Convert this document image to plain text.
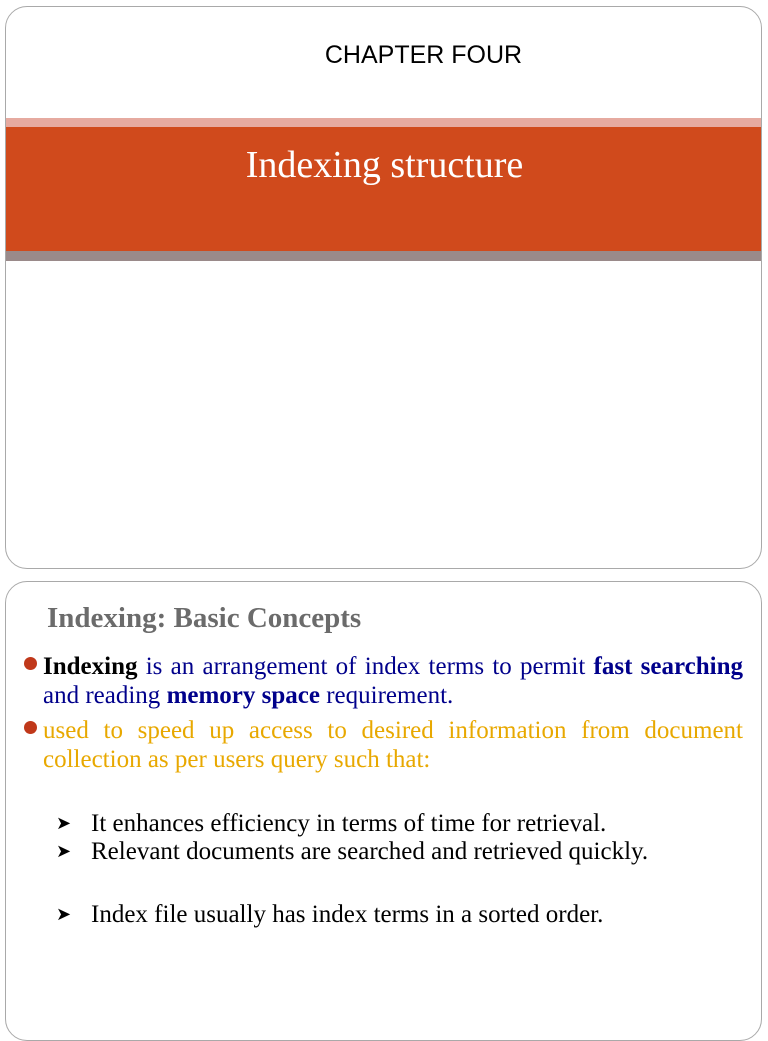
CHAPTER FOUR
Indexing structure
Indexing: Basic Concepts
Indexing is an arrangement of index terms to permit fast searching and reading memory space requirement.
used to speed up access to desired information from document collection as per users query such that:
➤ It enhances efficiency in terms of time for retrieval.
➤ Relevant documents are searched and retrieved quickly.
➤ Index file usually has index terms in a sorted order.
